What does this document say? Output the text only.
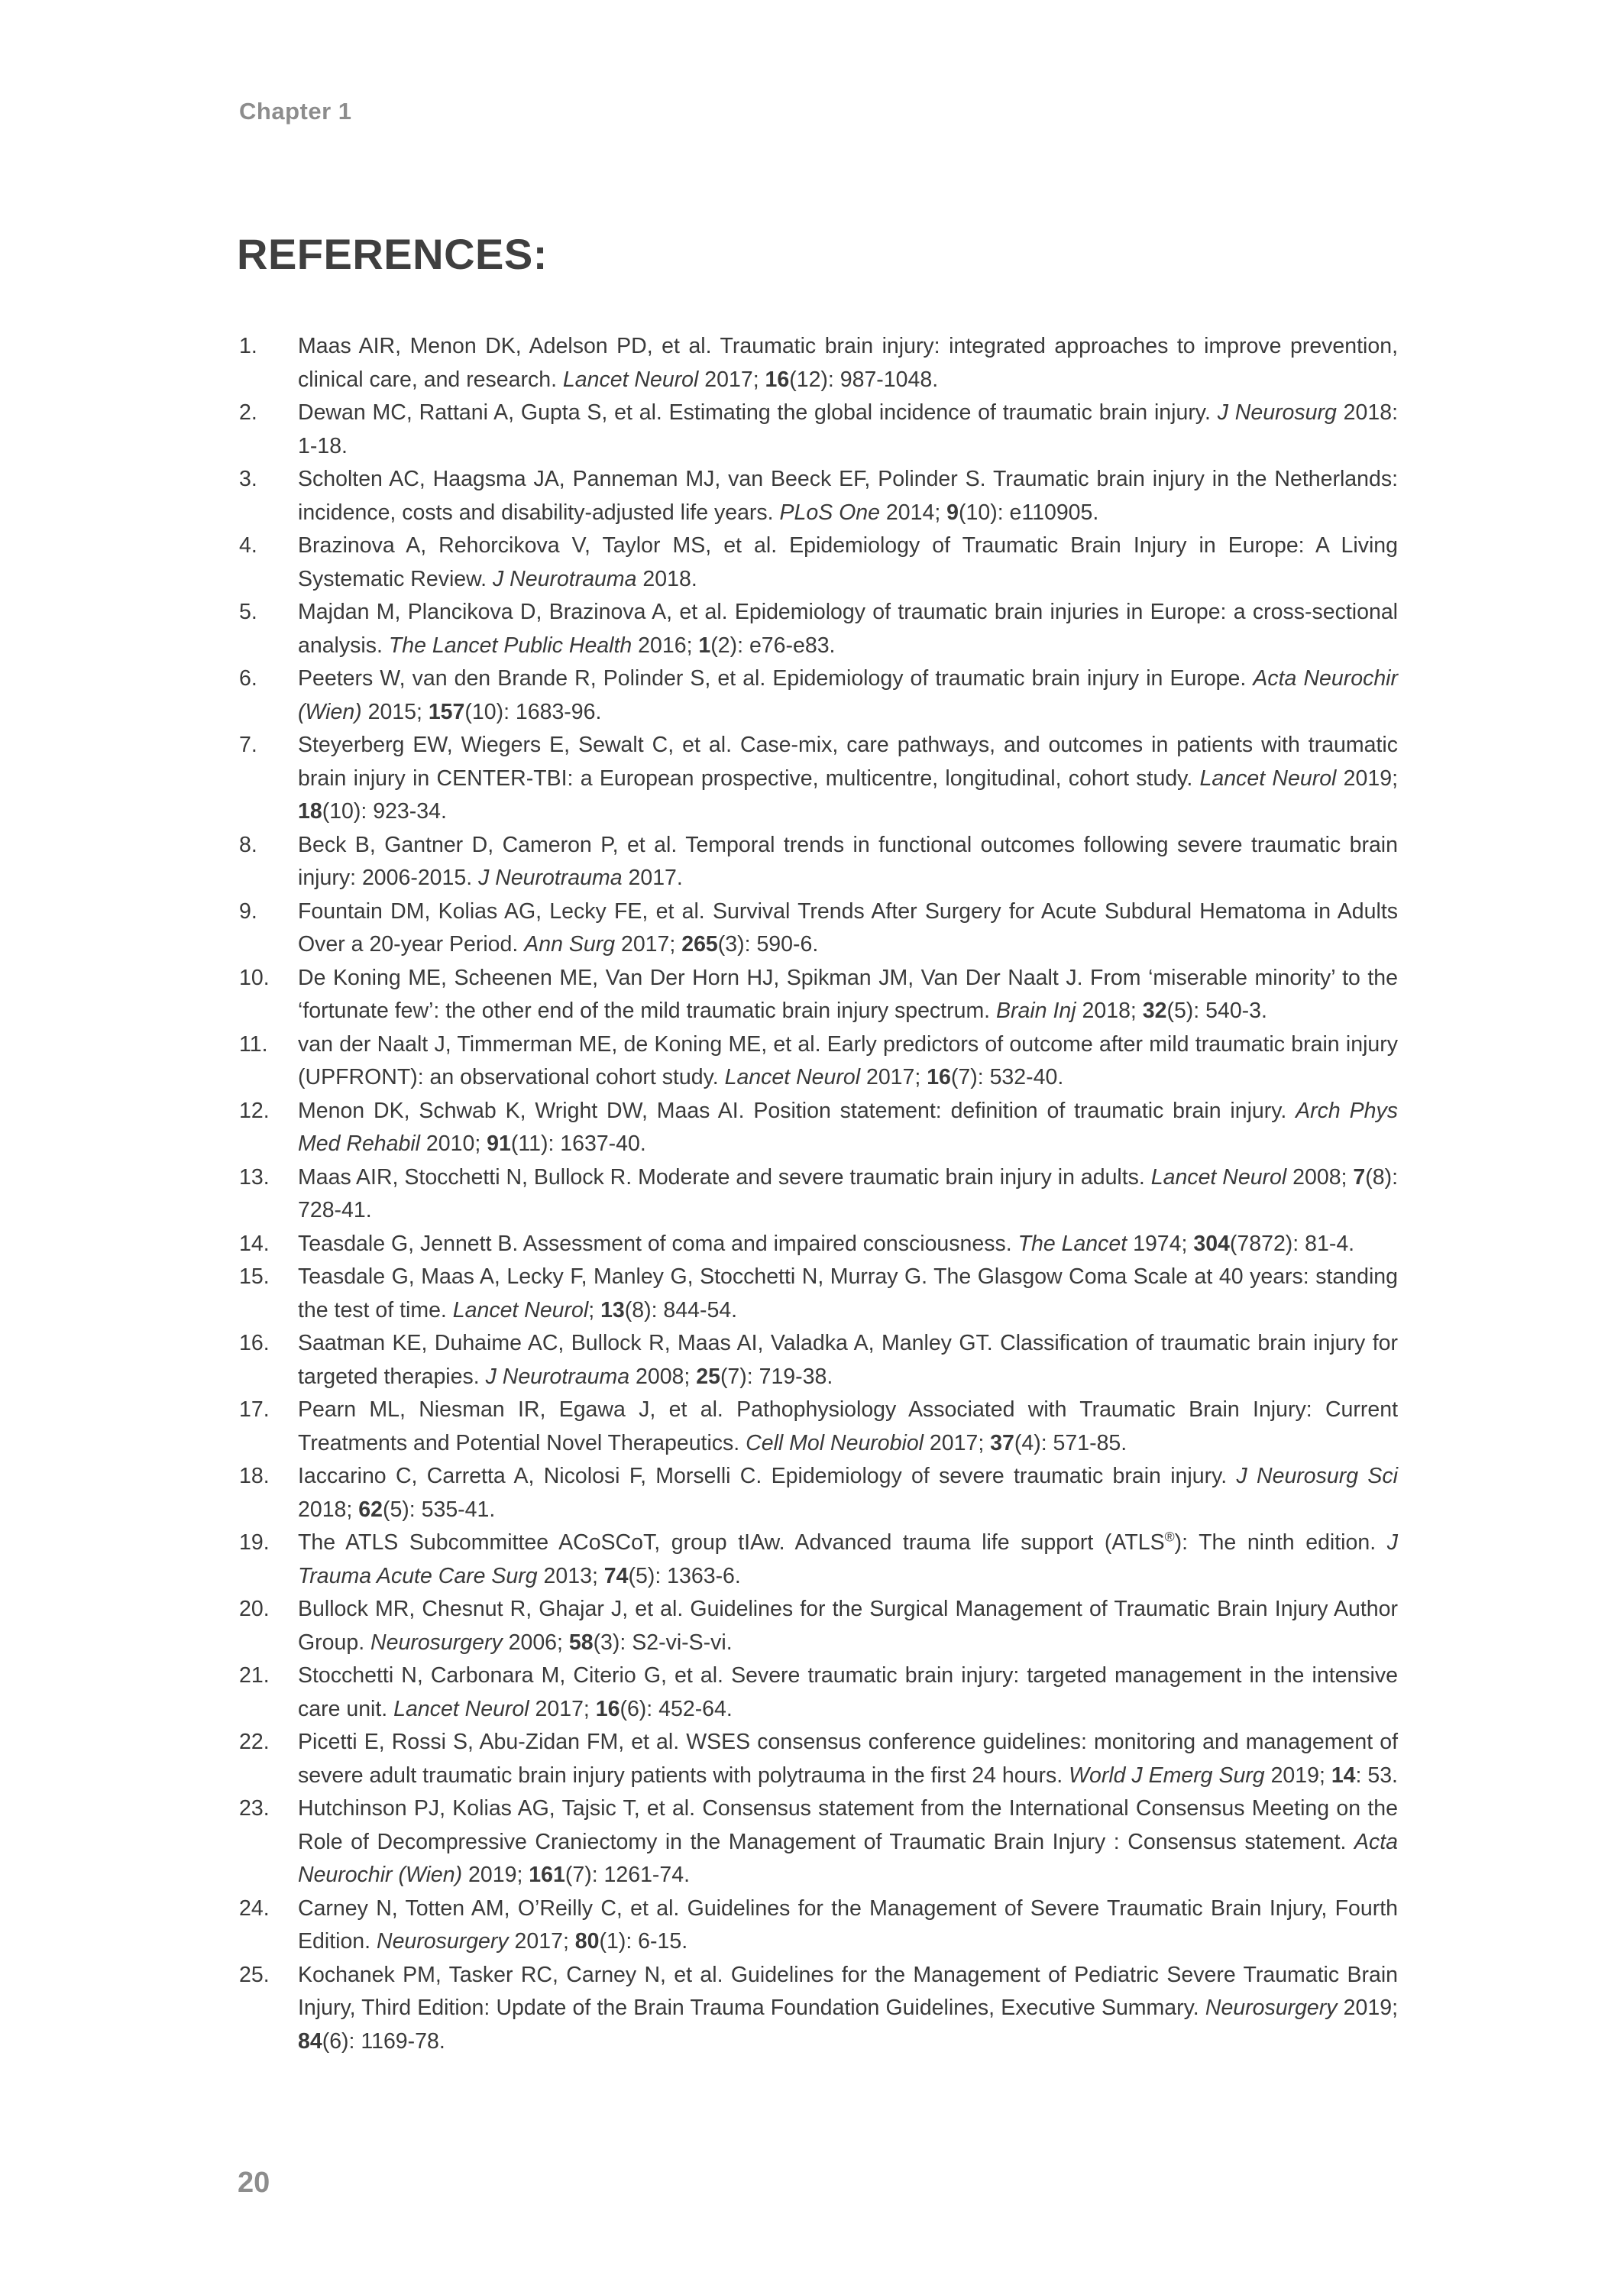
Chapter 1
REFERENCES:
1.	Maas AIR, Menon DK, Adelson PD, et al. Traumatic brain injury: integrated approaches to improve prevention, clinical care, and research. Lancet Neurol 2017; 16(12): 987-1048.
2.	Dewan MC, Rattani A, Gupta S, et al. Estimating the global incidence of traumatic brain injury. J Neurosurg 2018: 1-18.
3.	Scholten AC, Haagsma JA, Panneman MJ, van Beeck EF, Polinder S. Traumatic brain injury in the Netherlands: incidence, costs and disability-adjusted life years. PLoS One 2014; 9(10): e110905.
4.	Brazinova A, Rehorcikova V, Taylor MS, et al. Epidemiology of Traumatic Brain Injury in Europe: A Living Systematic Review. J Neurotrauma 2018.
5.	Majdan M, Plancikova D, Brazinova A, et al. Epidemiology of traumatic brain injuries in Europe: a cross-sectional analysis. The Lancet Public Health 2016; 1(2): e76-e83.
6.	Peeters W, van den Brande R, Polinder S, et al. Epidemiology of traumatic brain injury in Europe. Acta Neurochir (Wien) 2015; 157(10): 1683-96.
7.	Steyerberg EW, Wiegers E, Sewalt C, et al. Case-mix, care pathways, and outcomes in patients with traumatic brain injury in CENTER-TBI: a European prospective, multicentre, longitudinal, cohort study. Lancet Neurol 2019; 18(10): 923-34.
8.	Beck B, Gantner D, Cameron P, et al. Temporal trends in functional outcomes following severe traumatic brain injury: 2006-2015. J Neurotrauma 2017.
9.	Fountain DM, Kolias AG, Lecky FE, et al. Survival Trends After Surgery for Acute Subdural Hematoma in Adults Over a 20-year Period. Ann Surg 2017; 265(3): 590-6.
10.	De Koning ME, Scheenen ME, Van Der Horn HJ, Spikman JM, Van Der Naalt J. From ‘miserable minority’ to the ‘fortunate few’: the other end of the mild traumatic brain injury spectrum. Brain Inj 2018; 32(5): 540-3.
11.	van der Naalt J, Timmerman ME, de Koning ME, et al. Early predictors of outcome after mild traumatic brain injury (UPFRONT): an observational cohort study. Lancet Neurol 2017; 16(7): 532-40.
12.	Menon DK, Schwab K, Wright DW, Maas AI. Position statement: definition of traumatic brain injury. Arch Phys Med Rehabil 2010; 91(11): 1637-40.
13.	Maas AIR, Stocchetti N, Bullock R. Moderate and severe traumatic brain injury in adults. Lancet Neurol 2008; 7(8): 728-41.
14.	Teasdale G, Jennett B. Assessment of coma and impaired consciousness. The Lancet 1974; 304(7872): 81-4.
15.	Teasdale G, Maas A, Lecky F, Manley G, Stocchetti N, Murray G. The Glasgow Coma Scale at 40 years: standing the test of time. Lancet Neurol; 13(8): 844-54.
16.	Saatman KE, Duhaime AC, Bullock R, Maas AI, Valadka A, Manley GT. Classification of traumatic brain injury for targeted therapies. J Neurotrauma 2008; 25(7): 719-38.
17.	Pearn ML, Niesman IR, Egawa J, et al. Pathophysiology Associated with Traumatic Brain Injury: Current Treatments and Potential Novel Therapeutics. Cell Mol Neurobiol 2017; 37(4): 571-85.
18.	Iaccarino C, Carretta A, Nicolosi F, Morselli C. Epidemiology of severe traumatic brain injury. J Neurosurg Sci 2018; 62(5): 535-41.
19.	The ATLS Subcommittee ACoSCoT, group tIAw. Advanced trauma life support (ATLS®): The ninth edition. J Trauma Acute Care Surg 2013; 74(5): 1363-6.
20.	Bullock MR, Chesnut R, Ghajar J, et al. Guidelines for the Surgical Management of Traumatic Brain Injury Author Group. Neurosurgery 2006; 58(3): S2-vi-S-vi.
21.	Stocchetti N, Carbonara M, Citerio G, et al. Severe traumatic brain injury: targeted management in the intensive care unit. Lancet Neurol 2017; 16(6): 452-64.
22.	Picetti E, Rossi S, Abu-Zidan FM, et al. WSES consensus conference guidelines: monitoring and management of severe adult traumatic brain injury patients with polytrauma in the first 24 hours. World J Emerg Surg 2019; 14: 53.
23.	Hutchinson PJ, Kolias AG, Tajsic T, et al. Consensus statement from the International Consensus Meeting on the Role of Decompressive Craniectomy in the Management of Traumatic Brain Injury : Consensus statement. Acta Neurochir (Wien) 2019; 161(7): 1261-74.
24.	Carney N, Totten AM, O’Reilly C, et al. Guidelines for the Management of Severe Traumatic Brain Injury, Fourth Edition. Neurosurgery 2017; 80(1): 6-15.
25.	Kochanek PM, Tasker RC, Carney N, et al. Guidelines for the Management of Pediatric Severe Traumatic Brain Injury, Third Edition: Update of the Brain Trauma Foundation Guidelines, Executive Summary. Neurosurgery 2019; 84(6): 1169-78.
20
